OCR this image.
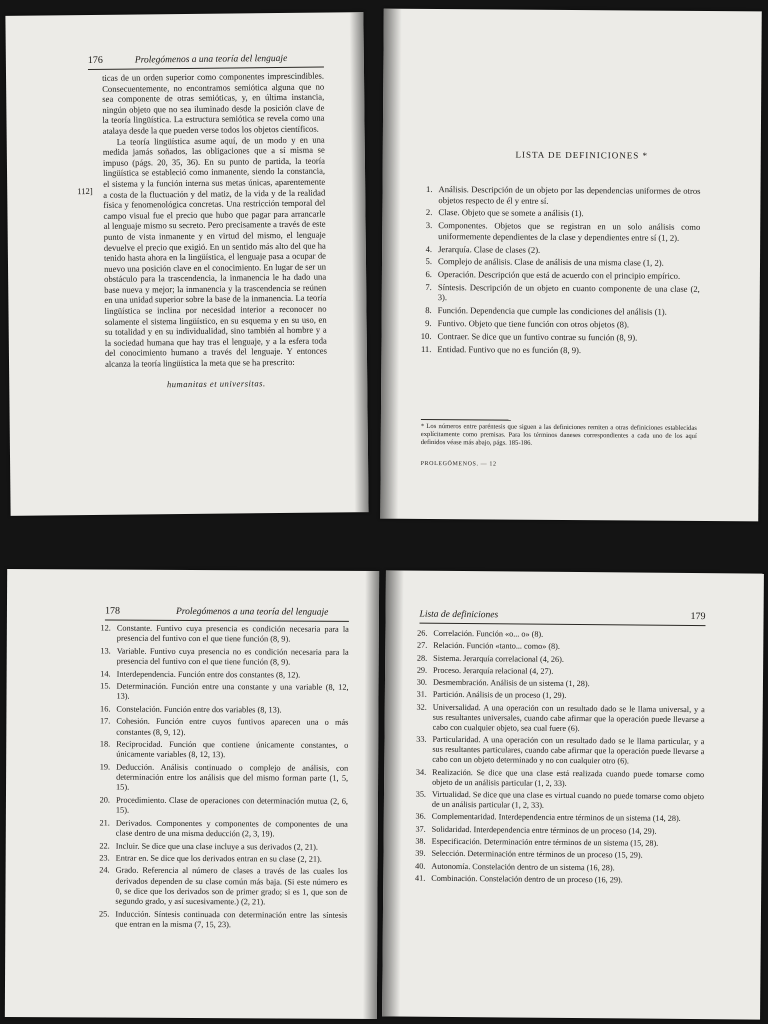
176	Prolegómenos a una teoría del lenguaje
112]

ticas de un orden superior como componentes imprescindibles. Consecuentemente, no encontramos semiótica alguna que no sea componente de otras semióticas, y, en última instancia, ningún objeto que no sea iluminado desde la posición clave de la teoría lingüística. La estructura semiótica se revela como una atalaya desde la que pueden verse todos los objetos científicos.

La teoría lingüística asume aquí, de un modo y en una medida jamás soñados, las obligaciones que a sí misma se impuso (págs. 20, 35, 36). En su punto de partida, la teoría lingüística se estableció como inmanente, siendo la constancia, el sistema y la función interna sus metas únicas, aparentemente a costa de la fluctuación y del matiz, de la vida y de la realidad física y fenomenológica concretas. Una restricción temporal del campo visual fue el precio que hubo que pagar para arrancarle al lenguaje mismo su secreto. Pero precisamente a través de este punto de vista inmanente y en virtud del mismo, el lenguaje devuelve el precio que exigió. En un sentido más alto del que ha tenido hasta ahora en la lingüística, el lenguaje pasa a ocupar de nuevo una posición clave en el conocimiento. En lugar de ser un obstáculo para la trascendencia, la inmanencia le ha dado una base nueva y mejor; la inmanencia y la trascendencia se reúnen en una unidad superior sobre la base de la inmanencia. La teoría lingüística se inclina por necesidad interior a reconocer no solamente el sistema lingüístico, en su esquema y en su uso, en su totalidad y en su individualidad, sino también al hombre y a la sociedad humana que hay tras el lenguaje, y a la esfera toda del conocimiento humano a través del lenguaje. Y entonces alcanza la teoría lingüística la meta que se ha prescrito:

humanitas et universitas.

LISTA DE DEFINICIONES *
1. Análisis. Descripción de un objeto por las dependencias uniformes de otros objetos respecto de él y entre sí.
2. Clase. Objeto que se somete a análisis (1).
3. Componentes. Objetos que se registran en un solo análisis como uniformemente dependientes de la clase y dependientes entre sí (1, 2).
4. Jerarquía. Clase de clases (2).
5. Complejo de análisis. Clase de análisis de una misma clase (1, 2).
6. Operación. Descripción que está de acuerdo con el principio empírico.
7. Síntesis. Descripción de un objeto en cuanto componente de una clase (2, 3).
8. Función. Dependencia que cumple las condiciones del análisis (1).
9. Funtivo. Objeto que tiene función con otros objetos (8).
10. Contraer. Se dice que un funtivo contrae su función (8, 9).
11. Entidad. Funtivo que no es función (8, 9).
* Los números entre paréntesis que siguen a las definiciones remiten a otras definiciones establecidas explícitamente como premisas. Para los términos daneses correspondientes a cada uno de los aquí definidos véase más abajo, págs. 185-186.
PROLEGÓMENOS. — 12
178	Prolegómenos a una teoría del lenguaje
12. Constante. Funtivo cuya presencia es condición necesaria para la presencia del funtivo con el que tiene función (8, 9).
13. Variable. Funtivo cuya presencia no es condición necesaria para la presencia del funtivo con el que tiene función (8, 9).
14. Interdependencia. Función entre dos constantes (8, 12).
15. Determinación. Función entre una constante y una variable (8, 12, 13).
16. Constelación. Función entre dos variables (8, 13).
17. Cohesión. Función entre cuyos funtivos aparecen una o más constantes (8, 9, 12).
18. Reciprocidad. Función que contiene únicamente constantes, o únicamente variables (8, 12, 13).
19. Deducción. Análisis continuado o complejo de análisis, con determinación entre los análisis que del mismo forman parte (1, 5, 15).
20. Procedimiento. Clase de operaciones con determinación mutua (2, 6, 15).
21. Derivados. Componentes y componentes de componentes de una clase dentro de una misma deducción (2, 3, 19).
22. Incluir. Se dice que una clase incluye a sus derivados (2, 21).
23. Entrar en. Se dice que los derivados entran en su clase (2, 21).
24. Grado. Referencia al número de clases a través de las cuales los derivados dependen de su clase común más baja. (Si este número es 0, se dice que los derivados son de primer grado; si es 1, que son de segundo grado, y así sucesivamente.) (2, 21).
25. Inducción. Síntesis continuada con determinación entre las síntesis que entran en la misma (7, 15, 23).
Lista de definiciones	179
26. Correlación. Función «o... o» (8).
27. Relación. Función «tanto... como» (8).
28. Sistema. Jerarquía correlacional (4, 26).
29. Proceso. Jerarquía relacional (4, 27).
30. Desmembración. Análisis de un sistema (1, 28).
31. Partición. Análisis de un proceso (1, 29).
32. Universalidad. A una operación con un resultado dado se le llama universal, y a sus resultantes universales, cuando cabe afirmar que la operación puede llevarse a cabo con cualquier objeto, sea cual fuere (6).
33. Particularidad. A una operación con un resultado dado se le llama particular, y a sus resultantes particulares, cuando cabe afirmar que la operación puede llevarse a cabo con un objeto determinado y no con cualquier otro (6).
34. Realización. Se dice que una clase está realizada cuando puede tomarse como objeto de un análisis particular (1, 2, 33).
35. Virtualidad. Se dice que una clase es virtual cuando no puede tomarse como objeto de un análisis particular (1, 2, 33).
36. Complementaridad. Interdependencia entre términos de un sistema (14, 28).
37. Solidaridad. Interdependencia entre términos de un proceso (14, 29).
38. Especificación. Determinación entre términos de un sistema (15, 28).
39. Selección. Determinación entre términos de un proceso (15, 29).
40. Autonomía. Constelación dentro de un sistema (16, 28).
41. Combinación. Constelación dentro de un proceso (16, 29).
